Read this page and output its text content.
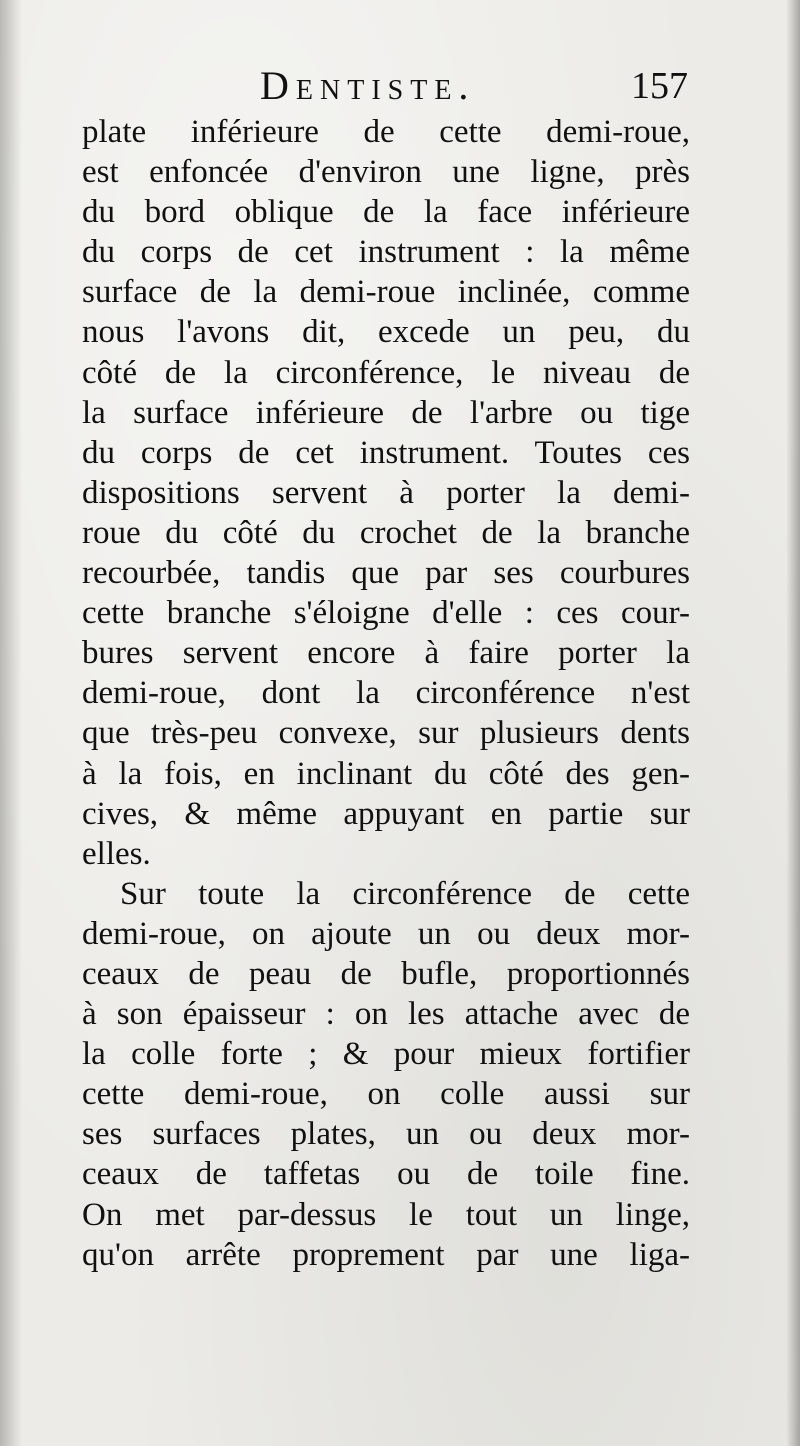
Dentiste.	157
plate inférieure de cette demi-roue,
est enfoncée d'environ une ligne, près
du bord oblique de la face inférieure
du corps de cet instrument : la même
surface de la demi-roue inclinée, comme
nous l'avons dit, excede un peu, du
côté de la circonférence, le niveau de
la surface inférieure de l'arbre ou tige
du corps de cet instrument. Toutes ces
dispositions servent à porter la demi-
roue du côté du crochet de la branche
recourbée, tandis que par ses courbures
cette branche s'éloigne d'elle : ces cour-
bures servent encore à faire porter la
demi-roue, dont la circonférence n'est
que très-peu convexe, sur plusieurs dents
à la fois, en inclinant du côté des gen-
cives, & même appuyant en partie sur
elles.
Sur toute la circonférence de cette
demi-roue, on ajoute un ou deux mor-
ceaux de peau de bufle, proportionnés
à son épaisseur : on les attache avec de
la colle forte ; & pour mieux fortifier
cette demi-roue, on colle aussi sur
ses surfaces plates, un ou deux mor-
ceaux de taffetas ou de toile fine.
On met par-dessus le tout un linge,
qu'on arrête proprement par une liga-
